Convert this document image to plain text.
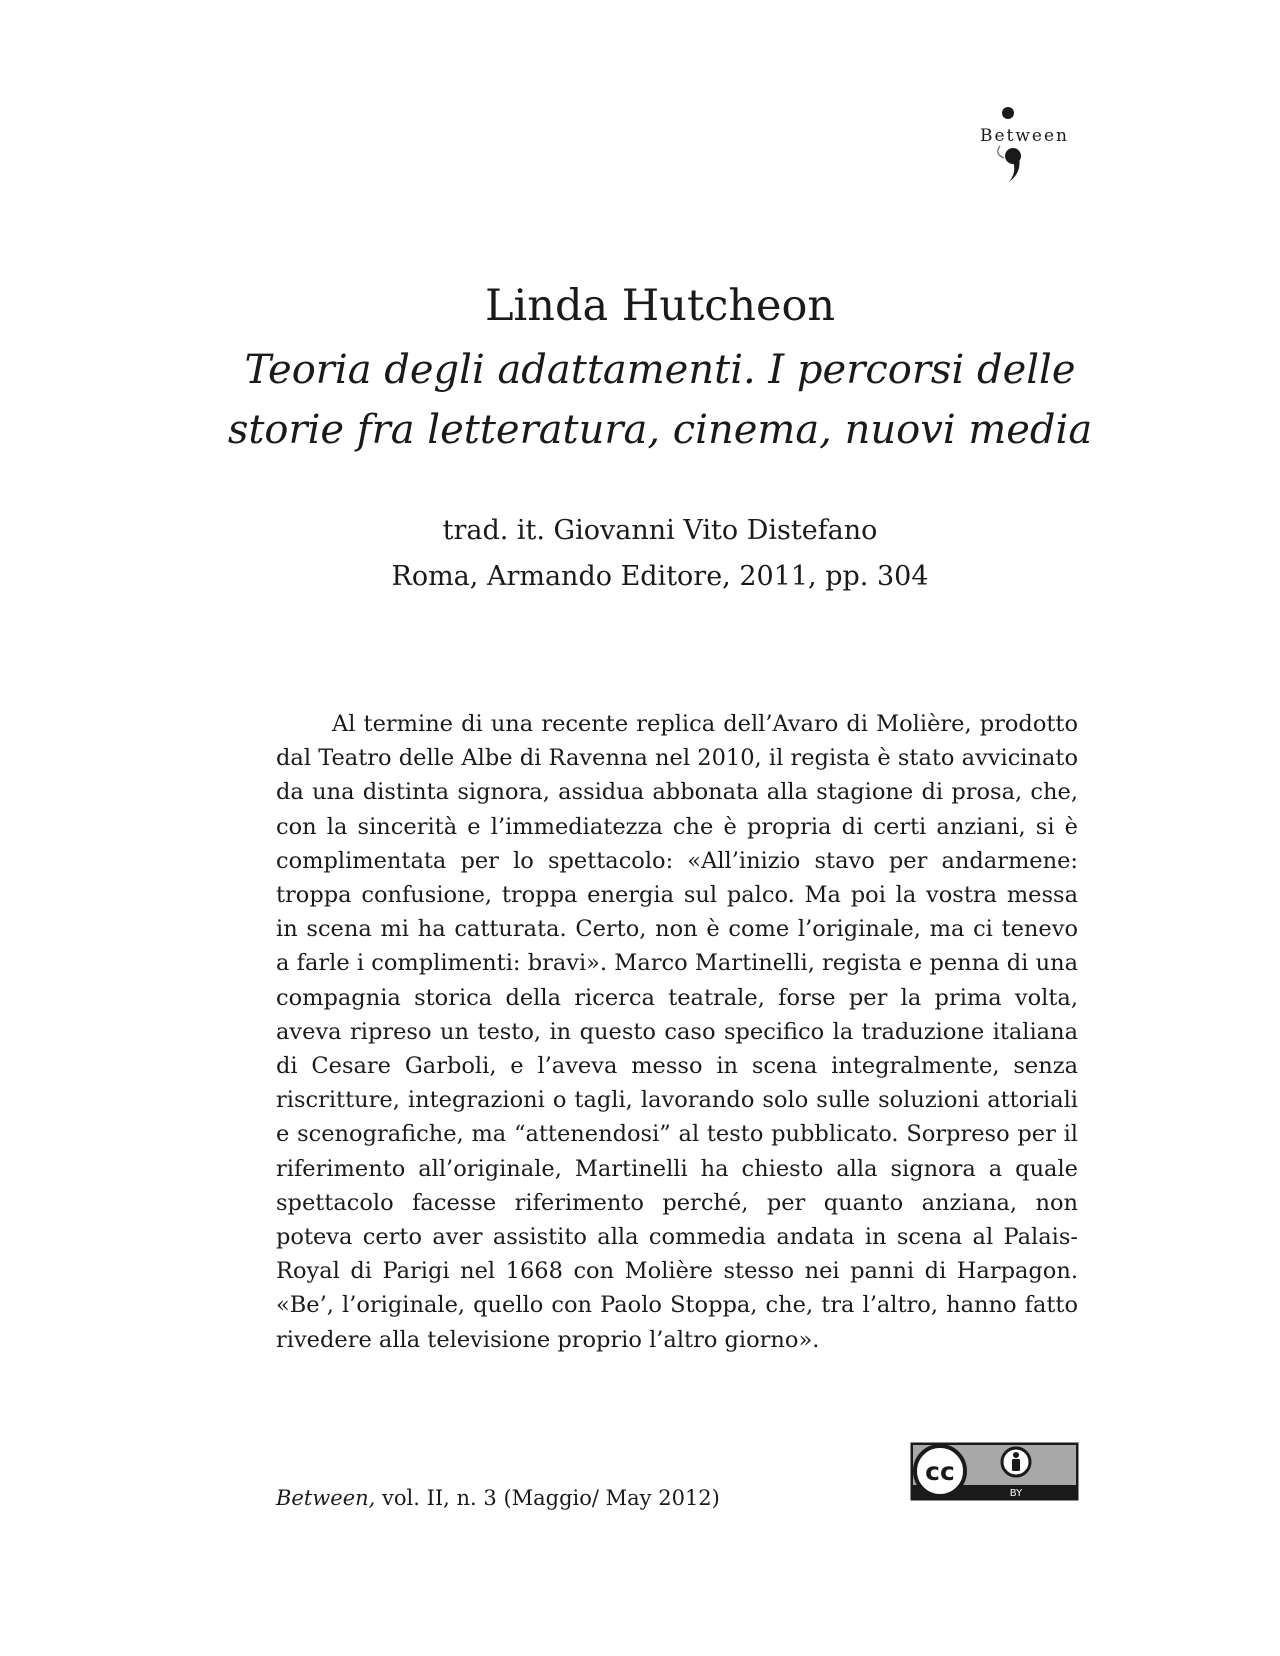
Between
Linda Hutcheon
Teoria degli adattamenti. I percorsi delle
storie fra letteratura, cinema, nuovi media
trad. it. Giovanni Vito Distefano
Roma, Armando Editore, 2011, pp. 304

Al termine di una recente replica dell’Avaro di Molière, prodotto dal Teatro delle Albe di Ravenna nel 2010, il regista è stato avvicinato da una distinta signora, assidua abbonata alla stagione di prosa, che, con la sincerità e l’immediatezza che è propria di certi anziani, si è complimentata per lo spettacolo: «All’inizio stavo per andarmene: troppa confusione, troppa energia sul palco. Ma poi la vostra messa in scena mi ha catturata. Certo, non è come l’originale, ma ci tenevo a farle i complimenti: bravi». Marco Martinelli, regista e penna di una compagnia storica della ricerca teatrale, forse per la prima volta, aveva ripreso un testo, in questo caso specifico la traduzione italiana di Cesare Garboli, e l’aveva messo in scena integralmente, senza riscritture, integrazioni o tagli, lavorando solo sulle soluzioni attoriali e scenografiche, ma “attenendosi” al testo pubblicato. Sorpreso per il riferimento all’originale, Martinelli ha chiesto alla signora a quale spettacolo facesse riferimento perché, per quanto anziana, non poteva certo aver assistito alla commedia andata in scena al Palais-Royal di Parigi nel 1668 con Molière stesso nei panni di Harpagon. «Be’, l’originale, quello con Paolo Stoppa, che, tra l’altro, hanno fatto rivedere alla televisione proprio l’altro giorno».

Between, vol. II, n. 3 (Maggio/ May 2012)
cc
BY
